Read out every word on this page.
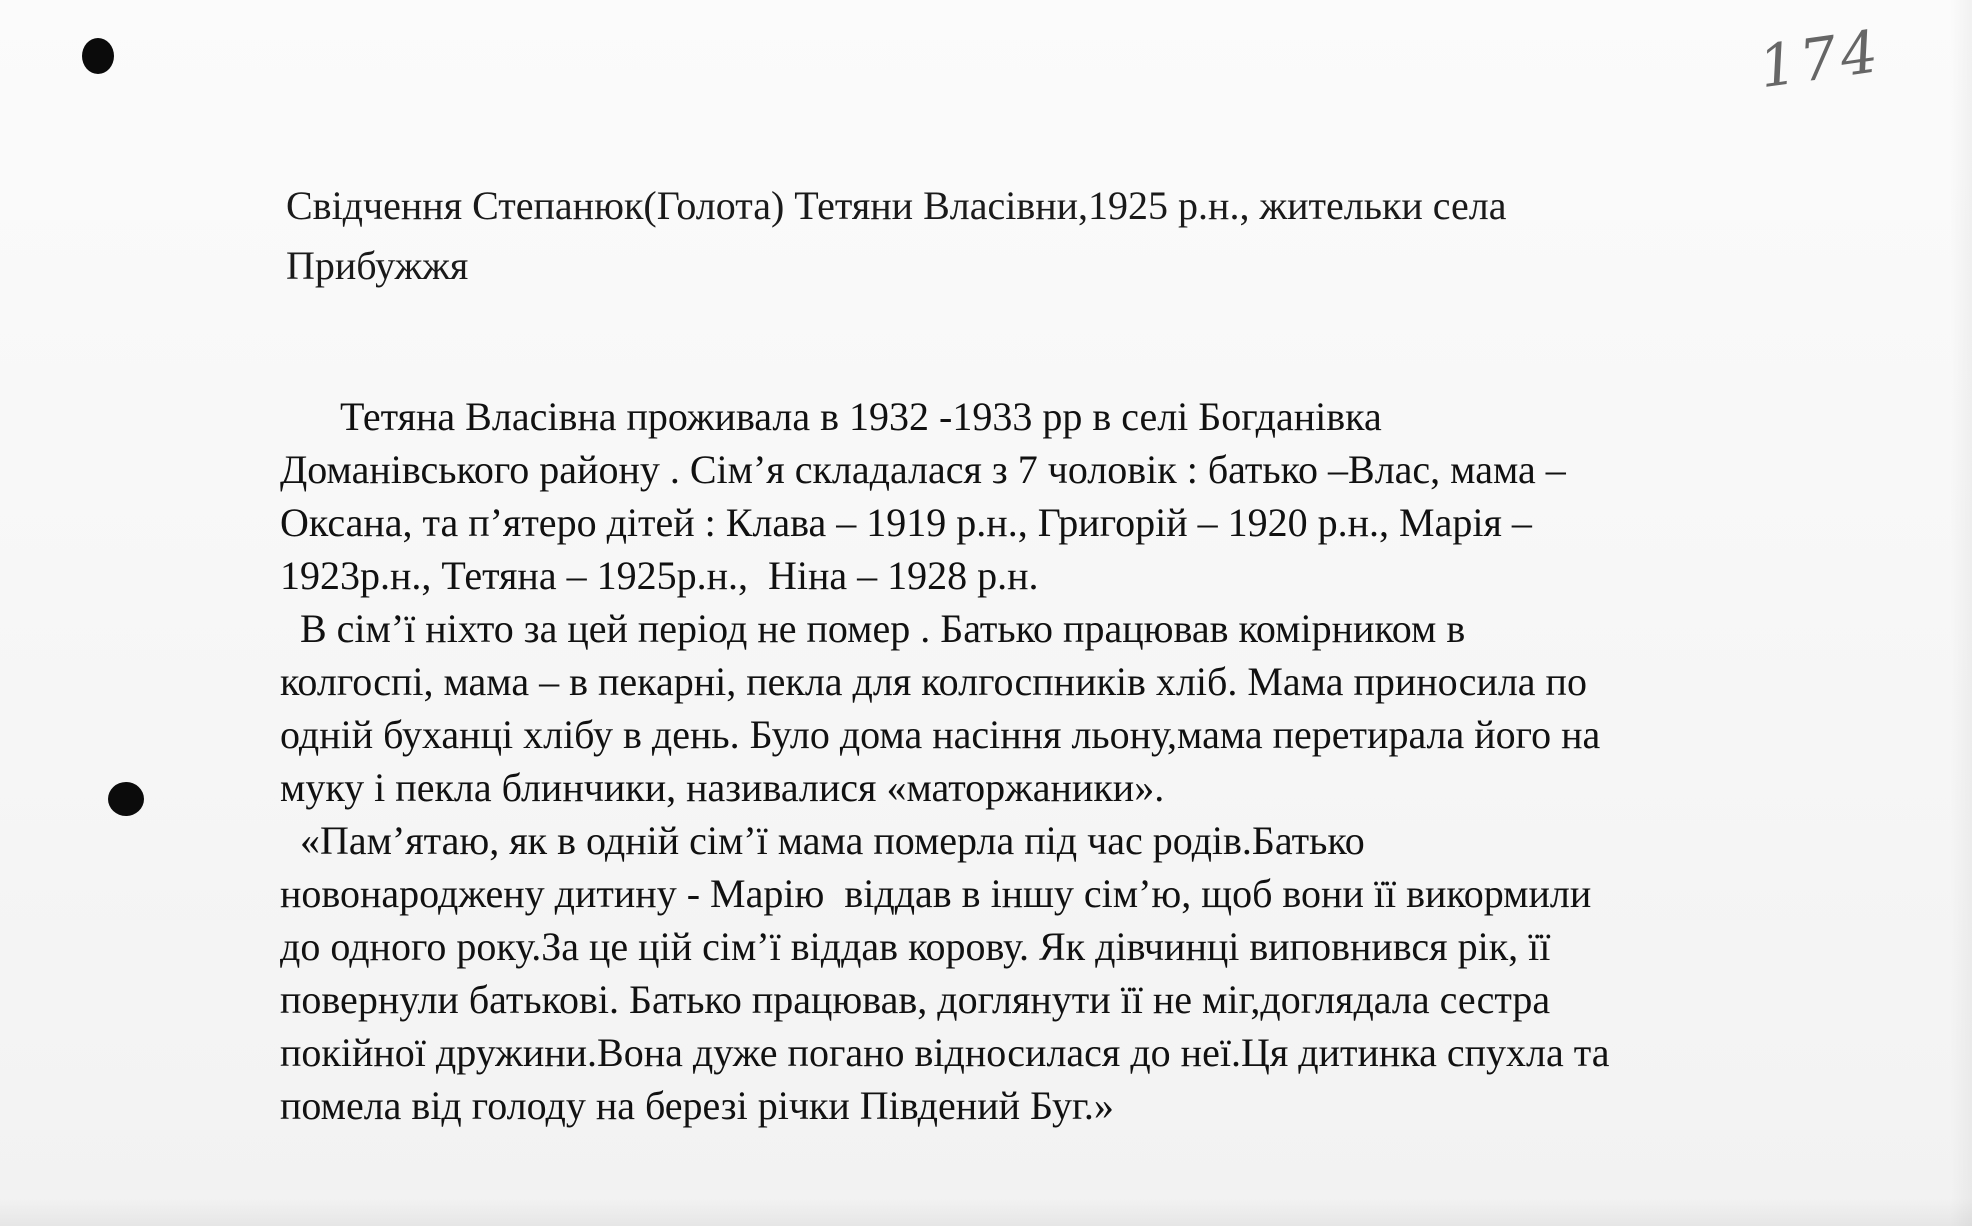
174
Свідчення Степанюк(Голота) Тетяни Власівни,1925 р.н., жительки села
Прибужжя
Тетяна Власівна проживала в 1932 -1933 рр в селі Богданівка
Доманівського району . Сім’я складалася з 7 чоловік : батько –Влас, мама –
Оксана, та п’ятеро дітей : Клава – 1919 р.н., Григорій – 1920 р.н., Марія –
1923р.н., Тетяна – 1925р.н.,  Ніна – 1928 р.н.
В сім’ї ніхто за цей період не помер . Батько працював комірником в
колгоспі, мама – в пекарні, пекла для колгоспників хліб. Мама приносила по
одній буханці хлібу в день. Було дома насіння льону,мама перетирала його на
муку і пекла блинчики, називалися «маторжаники».
«Пам’ятаю, як в одній сім’ї мама померла під час родів.Батько
новонароджену дитину - Марію  віддав в іншу сім’ю, щоб вони її викормили
до одного року.За це цій сім’ї віддав корову. Як дівчинці виповнився рік, її
повернули батькові. Батько працював, доглянути її не міг,доглядала сестра
покійної дружини.Вона дуже погано відносилася до неї.Ця дитинка спухла та
помела від голоду на березі річки Південий Буг.»
